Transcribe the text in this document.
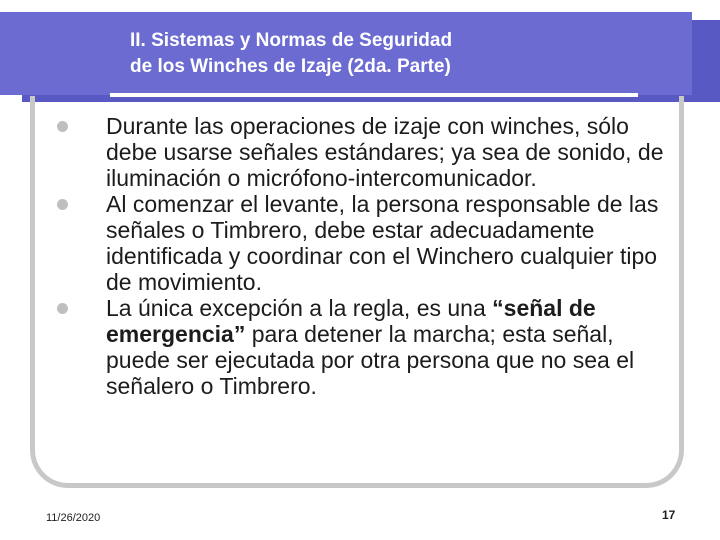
II. Sistemas y Normas de Seguridad
de los Winches de Izaje (2da. Parte)
Durante las operaciones de izaje con winches, sólo debe usarse señales estándares; ya sea de sonido, de iluminación o micrófono-intercomunicador.
Al comenzar el levante, la persona responsable de las señales o Timbrero, debe estar adecuadamente identificada y coordinar con el Winchero cualquier tipo de movimiento.
La única excepción a la regla, es una “señal de emergencia” para detener la marcha; esta señal, puede ser ejecutada por otra persona que no sea el señalero o Timbrero.
11/26/2020	17
